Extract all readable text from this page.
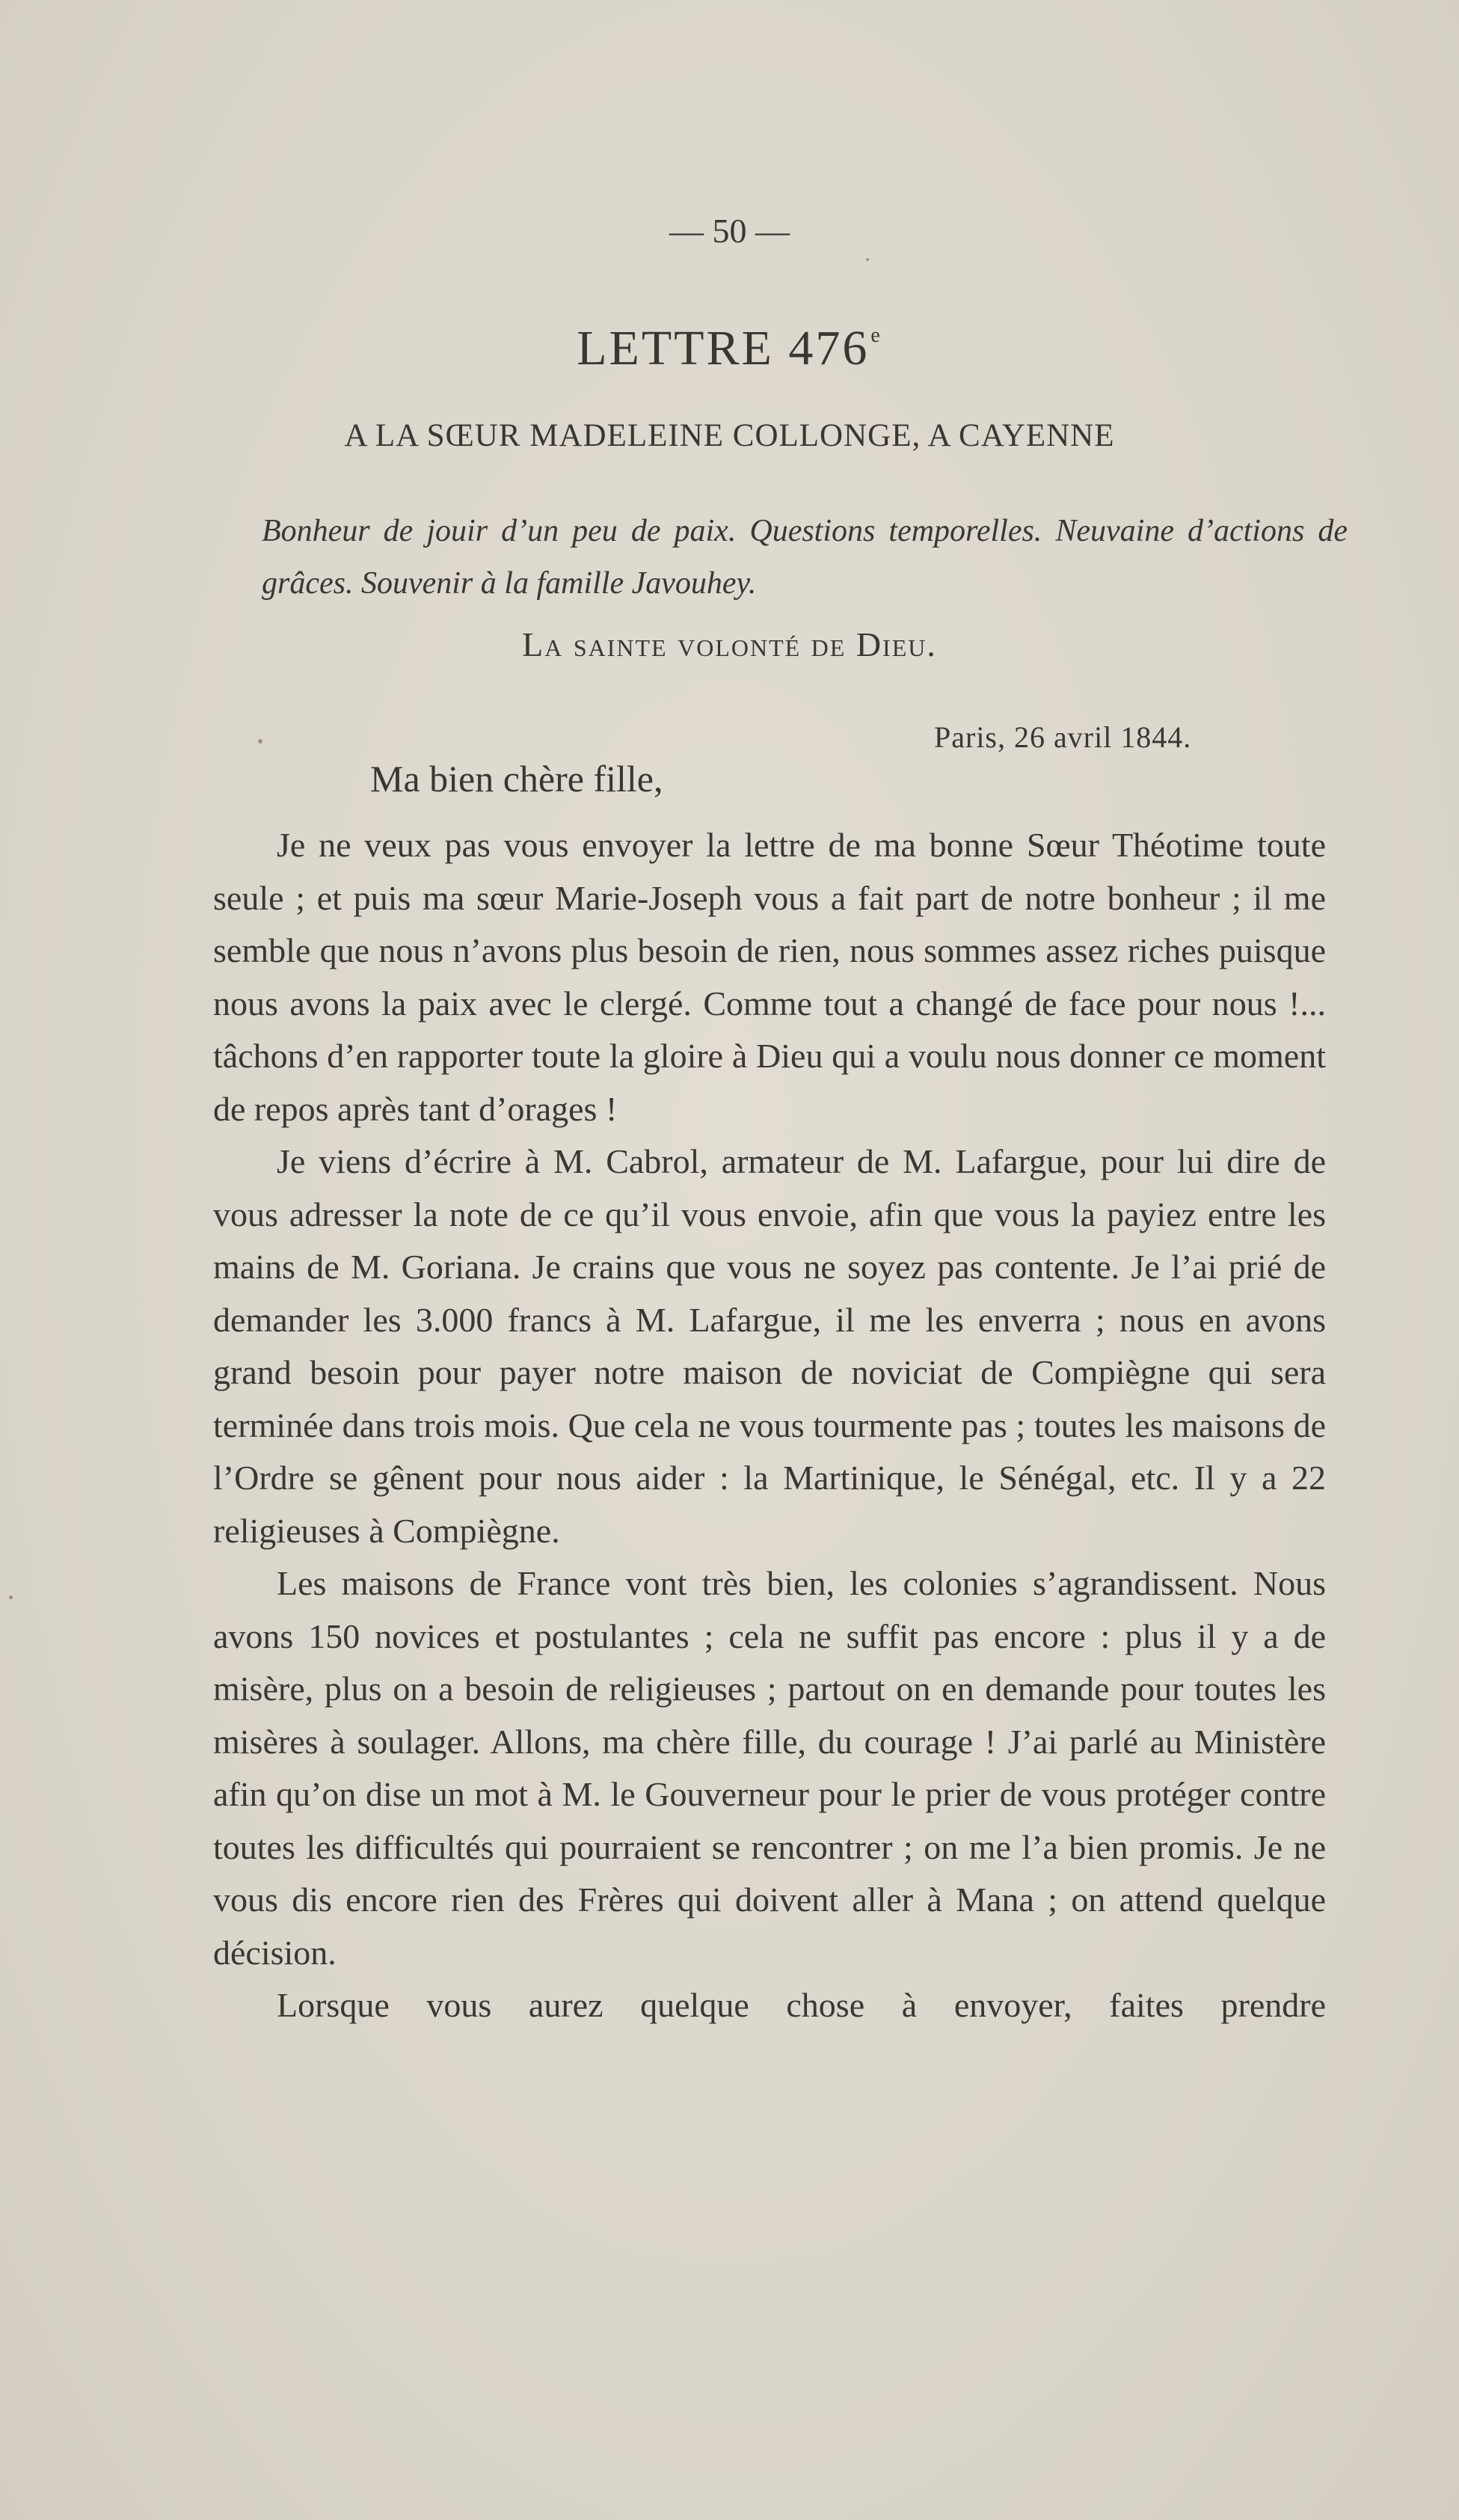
— 50 —
LETTRE 476e
A LA SŒUR MADELEINE COLLONGE, A CAYENNE
Bonheur de jouir d’un peu de paix. Questions temporelles. Neuvaine d’actions de grâces. Souvenir à la famille Javouhey.
La sainte volonté de Dieu.
Paris, 26 avril 1844.
Ma bien chère fille,

Je ne veux pas vous envoyer la lettre de ma bonne Sœur Théotime toute seule ; et puis ma sœur Marie-Joseph vous a fait part de notre bonheur ; il me semble que nous n’avons plus besoin de rien, nous sommes assez riches puisque nous avons la paix avec le clergé. Comme tout a changé de face pour nous !... tâchons d’en rapporter toute la gloire à Dieu qui a voulu nous donner ce moment de repos après tant d’orages !

Je viens d’écrire à M. Cabrol, armateur de M. Lafargue, pour lui dire de vous adresser la note de ce qu’il vous envoie, afin que vous la payiez entre les mains de M. Goriana. Je crains que vous ne soyez pas contente. Je l’ai prié de demander les 3.000 francs à M. Lafargue, il me les enverra ; nous en avons grand besoin pour payer notre maison de noviciat de Compiègne qui sera terminée dans trois mois. Que cela ne vous tourmente pas ; toutes les maisons de l’Ordre se gênent pour nous aider : la Martinique, le Sénégal, etc. Il y a 22 religieuses à Compiègne.

Les maisons de France vont très bien, les colonies s’agrandissent. Nous avons 150 novices et postulantes ; cela ne suffit pas encore : plus il y a de misère, plus on a besoin de religieuses ; partout on en demande pour toutes les misères à soulager. Allons, ma chère fille, du courage ! J’ai parlé au Ministère afin qu’on dise un mot à M. le Gouverneur pour le prier de vous protéger contre toutes les difficultés qui pourraient se rencontrer ; on me l’a bien promis. Je ne vous dis encore rien des Frères qui doivent aller à Mana ; on attend quelque décision.

Lorsque vous aurez quelque chose à envoyer, faites prendre
